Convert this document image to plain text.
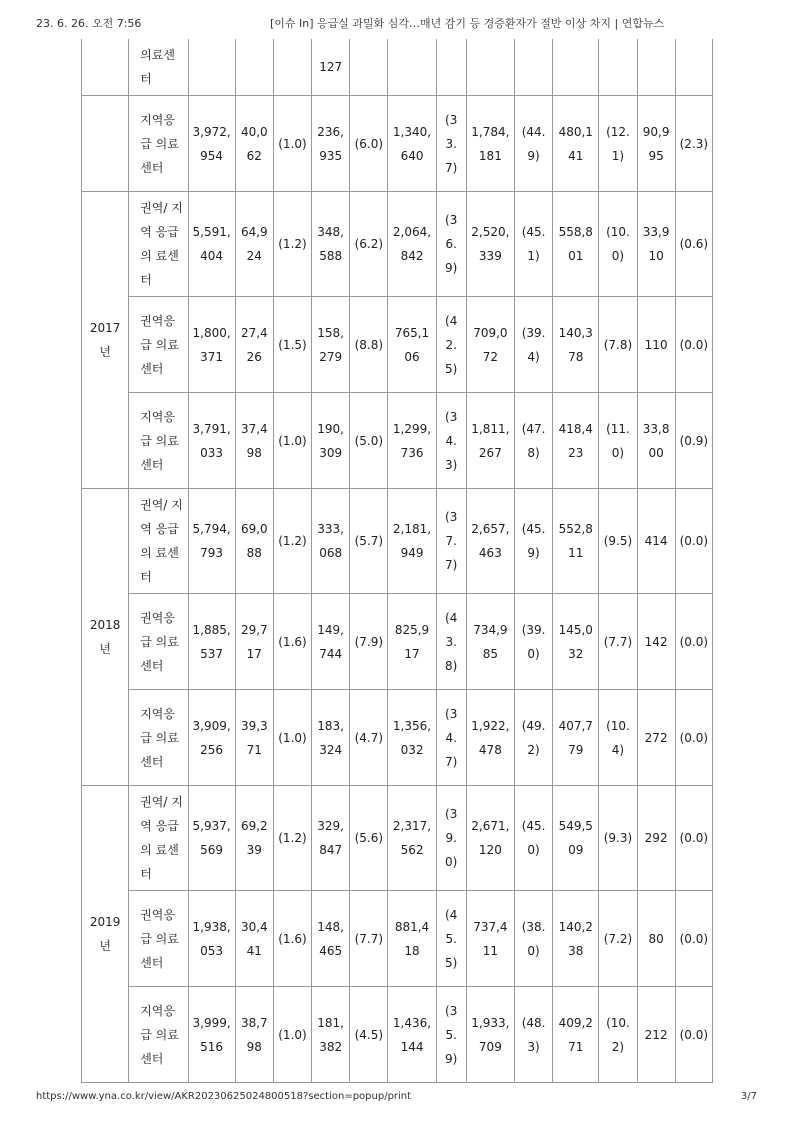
23. 6. 26. 오전 7:56	[이슈 In] 응급실 과밀화 심각…매년 감기 등 경증환자가 절반 이상 차지 | 연합뉴스
	의료센터				127									
	지역응급 의료센터	3,972,954	40,062	(1.0)	236,935	(6.0)	1,340,640	(33.7)	1,784,181	(44.9)	480,141	(12.1)	90,995	(2.3)
2017년	권역/ 지역 응급의 료센터	5,591,404	64,924	(1.2)	348,588	(6.2)	2,064,842	(36.9)	2,520,339	(45.1)	558,801	(10.0)	33,910	(0.6)
	권역응급 의료센터	1,800,371	27,426	(1.5)	158,279	(8.8)	765,106	(42.5)	709,072	(39.4)	140,378	(7.8)	110	(0.0)
	지역응급 의료센터	3,791,033	37,498	(1.0)	190,309	(5.0)	1,299,736	(34.3)	1,811,267	(47.8)	418,423	(11.0)	33,800	(0.9)
2018년	권역/ 지역 응급의 료센터	5,794,793	69,088	(1.2)	333,068	(5.7)	2,181,949	(37.7)	2,657,463	(45.9)	552,811	(9.5)	414	(0.0)
	권역응급 의료센터	1,885,537	29,717	(1.6)	149,744	(7.9)	825,917	(43.8)	734,985	(39.0)	145,032	(7.7)	142	(0.0)
	지역응급 의료센터	3,909,256	39,371	(1.0)	183,324	(4.7)	1,356,032	(34.7)	1,922,478	(49.2)	407,779	(10.4)	272	(0.0)
2019년	권역/ 지역 응급의 료센터	5,937,569	69,239	(1.2)	329,847	(5.6)	2,317,562	(39.0)	2,671,120	(45.0)	549,509	(9.3)	292	(0.0)
	권역응급 의료센터	1,938,053	30,441	(1.6)	148,465	(7.7)	881,418	(45.5)	737,411	(38.0)	140,238	(7.2)	80	(0.0)
	지역응급 의료센터	3,999,516	38,798	(1.0)	181,382	(4.5)	1,436,144	(35.9)	1,933,709	(48.3)	409,271	(10.2)	212	(0.0)
https://www.yna.co.kr/view/AKR20230625024800518?section=popup/print	3/7
